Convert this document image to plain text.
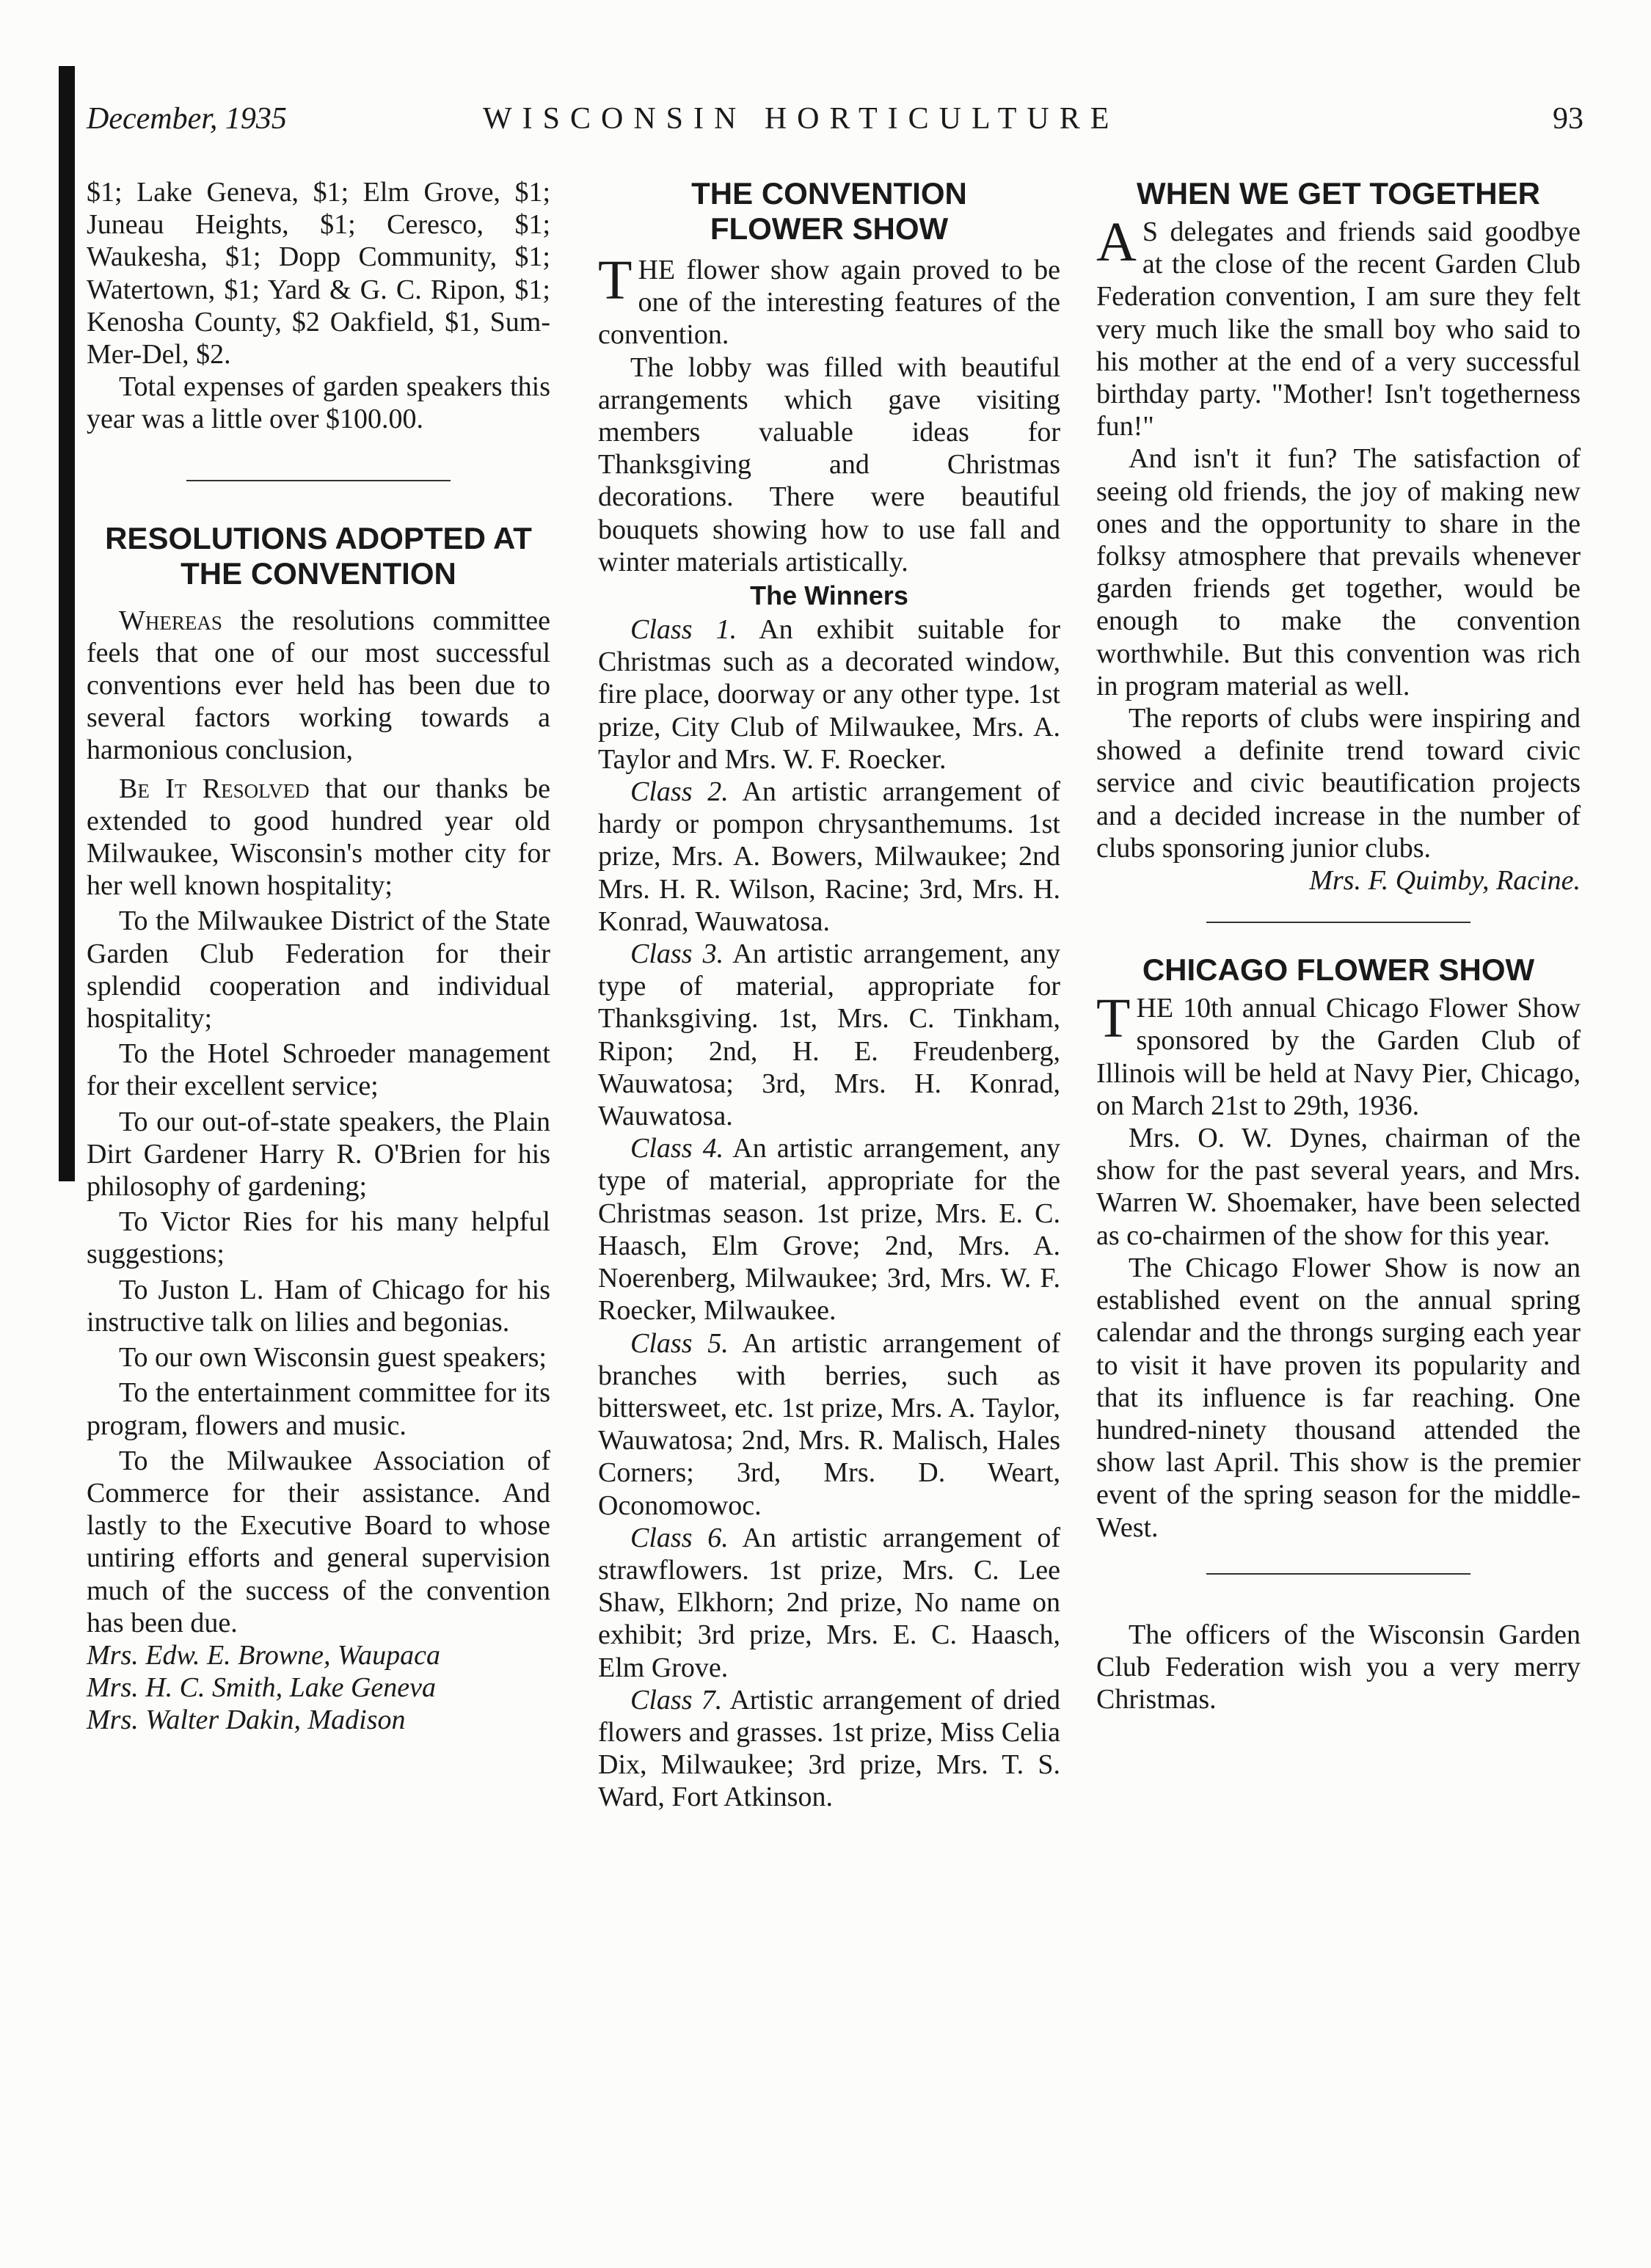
December, 1935	WISCONSIN HORTICULTURE	93

$1; Lake Geneva, $1; Elm Grove, $1; Juneau Heights, $1; Ceresco, $1; Waukesha, $1; Dopp Community, $1; Watertown, $1; Yard & G. C. Ripon, $1; Kenosha County, $2 Oakfield, $1, Sum-Mer-Del, $2.

Total expenses of garden speakers this year was a little over $100.00.

RESOLUTIONS ADOPTED AT THE CONVENTION

Whereas the resolutions committee feels that one of our most successful conventions ever held has been due to several factors working towards a harmonious conclusion,

Be It Resolved that our thanks be extended to good hundred year old Milwaukee, Wisconsin's mother city for her well known hospitality;

To the Milwaukee District of the State Garden Club Federation for their splendid cooperation and individual hospitality;

To the Hotel Schroeder management for their excellent service;

To our out-of-state speakers, the Plain Dirt Gardener Harry R. O'Brien for his philosophy of gardening;

To Victor Ries for his many helpful suggestions;

To Juston L. Ham of Chicago for his instructive talk on lilies and begonias.

To our own Wisconsin guest speakers;

To the entertainment committee for its program, flowers and music.

To the Milwaukee Association of Commerce for their assistance. And lastly to the Executive Board to whose untiring efforts and general supervision much of the success of the convention has been due.

Mrs. Edw. E. Browne, Waupaca

Mrs. H. C. Smith, Lake Geneva

Mrs. Walter Dakin, Madison

THE CONVENTION FLOWER SHOW

THE flower show again proved to be one of the interesting features of the convention.

The lobby was filled with beautiful arrangements which gave visiting members valuable ideas for Thanksgiving and Christmas decorations. There were beautiful bouquets showing how to use fall and winter materials artistically.

The Winners

Class 1. An exhibit suitable for Christmas such as a decorated window, fire place, doorway or any other type. 1st prize, City Club of Milwaukee, Mrs. A. Taylor and Mrs. W. F. Roecker.

Class 2. An artistic arrangement of hardy or pompon chrysanthemums. 1st prize, Mrs. A. Bowers, Milwaukee; 2nd Mrs. H. R. Wilson, Racine; 3rd, Mrs. H. Konrad, Wauwatosa.

Class 3. An artistic arrangement, any type of material, appropriate for Thanksgiving. 1st, Mrs. C. Tinkham, Ripon; 2nd, H. E. Freudenberg, Wauwatosa; 3rd, Mrs. H. Konrad, Wauwatosa.

Class 4. An artistic arrangement, any type of material, appropriate for the Christmas season. 1st prize, Mrs. E. C. Haasch, Elm Grove; 2nd, Mrs. A. Noerenberg, Milwaukee; 3rd, Mrs. W. F. Roecker, Milwaukee.

Class 5. An artistic arrangement of branches with berries, such as bittersweet, etc. 1st prize, Mrs. A. Taylor, Wauwatosa; 2nd, Mrs. R. Malisch, Hales Corners; 3rd, Mrs. D. Weart, Oconomowoc.

Class 6. An artistic arrangement of strawflowers. 1st prize, Mrs. C. Lee Shaw, Elkhorn; 2nd prize, No name on exhibit; 3rd prize, Mrs. E. C. Haasch, Elm Grove.

Class 7. Artistic arrangement of dried flowers and grasses. 1st prize, Miss Celia Dix, Milwaukee; 3rd prize, Mrs. T. S. Ward, Fort Atkinson.

WHEN WE GET TOGETHER

A S delegates and friends said goodbye at the close of the recent Garden Club Federation convention, I am sure they felt very much like the small boy who said to his mother at the end of a very successful birthday party. "Mother! Isn't togetherness fun!"

And isn't it fun? The satisfaction of seeing old friends, the joy of making new ones and the opportunity to share in the folksy atmosphere that prevails whenever garden friends get together, would be enough to make the convention worthwhile. But this convention was rich in program material as well.

The reports of clubs were inspiring and showed a definite trend toward civic service and civic beautification projects and a decided increase in the number of clubs sponsoring junior clubs.

Mrs. F. Quimby, Racine.

CHICAGO FLOWER SHOW

THE 10th annual Chicago Flower Show sponsored by the Garden Club of Illinois will be held at Navy Pier, Chicago, on March 21st to 29th, 1936.

Mrs. O. W. Dynes, chairman of the show for the past several years, and Mrs. Warren W. Shoemaker, have been selected as co-chairmen of the show for this year.

The Chicago Flower Show is now an established event on the annual spring calendar and the throngs surging each year to visit it have proven its popularity and that its influence is far reaching. One hundred-ninety thousand attended the show last April. This show is the premier event of the spring season for the middle-West.

The officers of the Wisconsin Garden Club Federation wish you a very merry Christmas.
